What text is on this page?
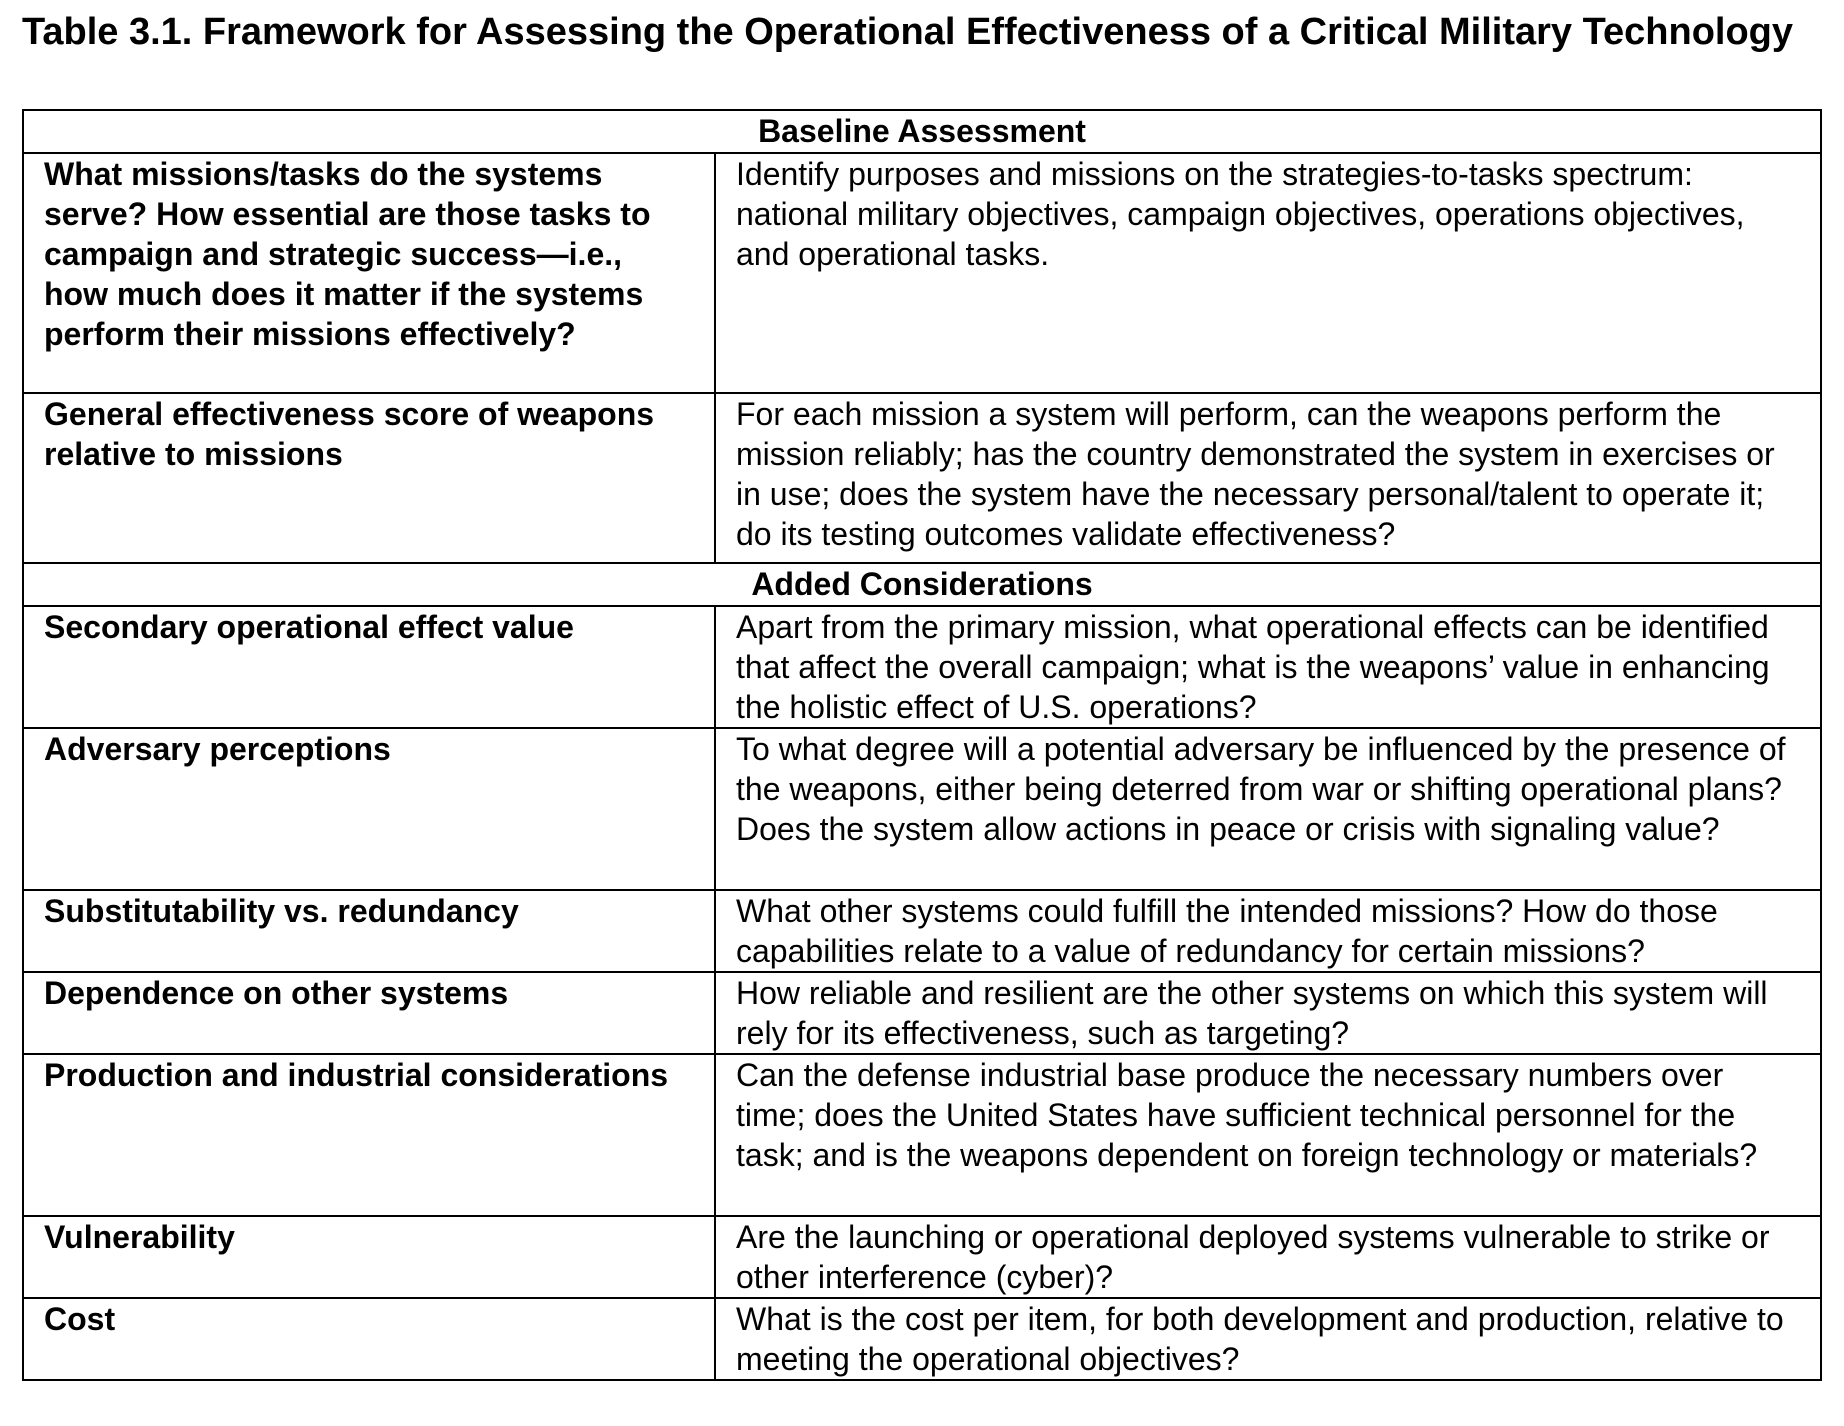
Table 3.1. Framework for Assessing the Operational Effectiveness of a Critical Military Technology
Baseline Assessment	
What missions/tasks do the systems serve? How essential are those tasks to campaign and strategic success—i.e., how much does it matter if the systems perform their missions effectively?	Identify purposes and missions on the strategies-to-tasks spectrum: national military objectives, campaign objectives, operations objectives, and operational tasks.
General effectiveness score of weapons relative to missions	For each mission a system will perform, can the weapons perform the mission reliably; has the country demonstrated the system in exercises or in use; does the system have the necessary personal/talent to operate it; do its testing outcomes validate effectiveness?
Added Considerations	
Secondary operational effect value	Apart from the primary mission, what operational effects can be identified that affect the overall campaign; what is the weapons’ value in enhancing the holistic effect of U.S. operations?
Adversary perceptions	To what degree will a potential adversary be influenced by the presence of the weapons, either being deterred from war or shifting operational plans? Does the system allow actions in peace or crisis with signaling value?
Substitutability vs. redundancy	What other systems could fulfill the intended missions? How do those capabilities relate to a value of redundancy for certain missions?
Dependence on other systems	How reliable and resilient are the other systems on which this system will rely for its effectiveness, such as targeting?
Production and industrial considerations	Can the defense industrial base produce the necessary numbers over time; does the United States have sufficient technical personnel for the task; and is the weapons dependent on foreign technology or materials?
Vulnerability	Are the launching or operational deployed systems vulnerable to strike or other interference (cyber)?
Cost	What is the cost per item, for both development and production, relative to meeting the operational objectives?
